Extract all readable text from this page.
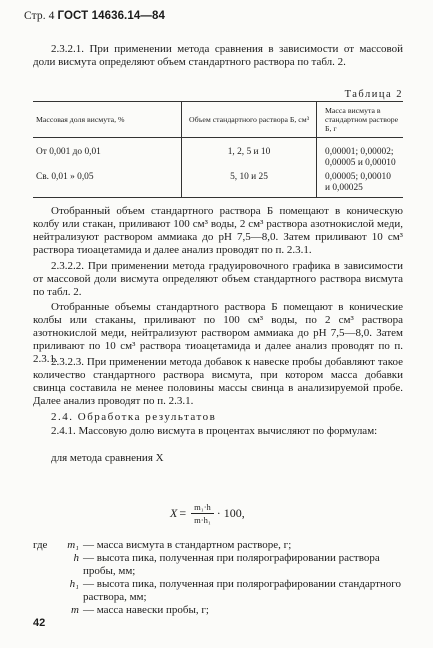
Стр. 4 ГОСТ 14636.14—84
2.3.2.1. При применении метода сравнения в зависимости от массовой доли висмута определяют объем стандартного раствора по табл. 2.
Таблица 2
Массовая доля висмута, %	Объем стандартного раствора Б, см³	Масса висмута в стандартном растворе Б, г
От 0,001 до 0,01	1, 2, 5 и 10	0,00001; 0,00002;
0,00005 и 0,00010

Св. 0,01 » 0,05	5, 10 и 25	0,00005; 0,00010
и 0,00025
Отобранный объем стандартного раствора Б помещают в коническую колбу или стакан, приливают 100 см³ воды, 2 см³ раствора азотнокислой меди, нейтрализуют раствором аммиака до pH 7,5—8,0. Затем приливают 10 см³ раствора тиоацетамида и далее анализ проводят по п. 2.3.1.
2.3.2.2. При применении метода градуировочного графика в зависимости от массовой доли висмута определяют объем стандартного раствора висмута по табл. 2.
Отобранные объемы стандартного раствора Б помещают в конические колбы или стаканы, приливают по 100 см³ воды, по 2 см³ раствора азотнокислой меди, нейтрализуют раствором аммиака до pH 7,5—8,0. Затем приливают по 10 см³ раствора тиоацетамида и далее анализ проводят по п. 2.3.1.
2.3.2.3. При применении метода добавок к навеске пробы добавляют такое количество стандартного раствора висмута, при котором масса добавки свинца составила не менее половины массы свинца в анализируемой пробе. Далее анализ проводят по п. 2.3.1.
2.4. Обработка результатов
2.4.1. Массовую долю висмута в процентах вычисляют по формулам:
для метода сравнения X
$X = \frac{\text{m₁·h}}{\text{m·h₁}} \cdot 100$,
где	m₁ — масса висмута в стандартном растворе, г;
h — высота пика, полученная при полярографировании раствора пробы, мм;
h₁ — высота пика, полученная при полярографировании стандартного раствора, мм;
m — масса навески пробы, г;
42
